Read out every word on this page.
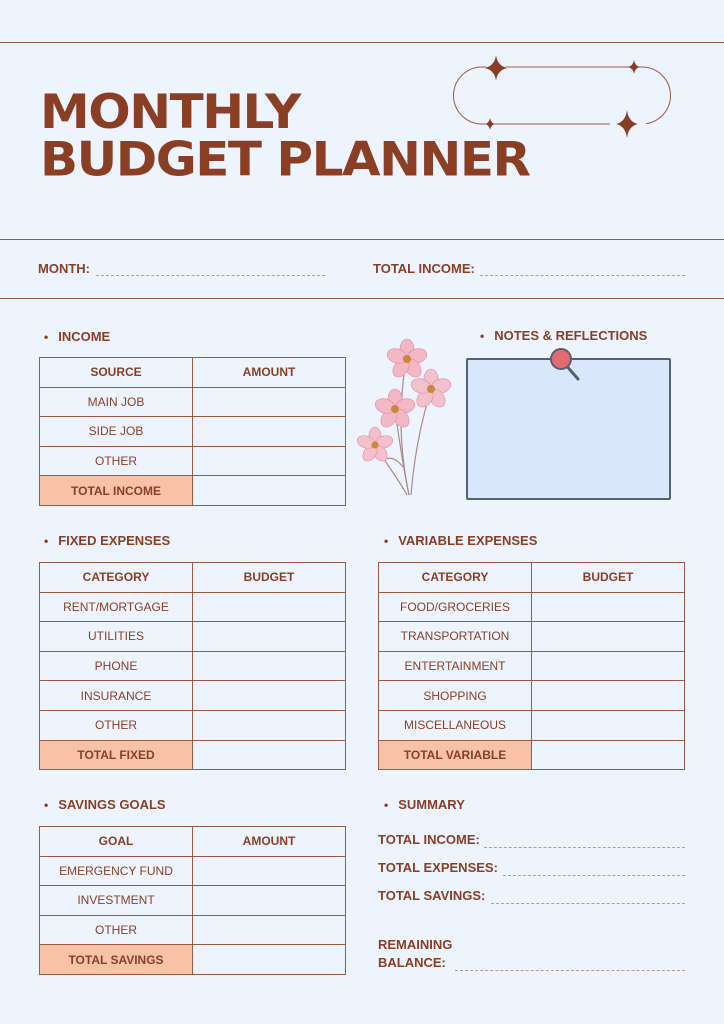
MONTHLY
BUDGET PLANNER
MONTH:	TOTAL INCOME:
• INCOME
SOURCE	AMOUNT
MAIN JOB	
SIDE JOB	
OTHER	
TOTAL INCOME	
• NOTES & REFLECTIONS
• FIXED EXPENSES
CATEGORY	BUDGET
RENT/MORTGAGE	
UTILITIES	
PHONE	
INSURANCE	
OTHER	
TOTAL FIXED	
• VARIABLE EXPENSES
CATEGORY	BUDGET
FOOD/GROCERIES	
TRANSPORTATION	
ENTERTAINMENT	
SHOPPING	
MISCELLANEOUS	
TOTAL VARIABLE	
• SAVINGS GOALS
GOAL	AMOUNT
EMERGENCY FUND	
INVESTMENT	
OTHER	
TOTAL SAVINGS	
• SUMMARY
TOTAL INCOME:
TOTAL EXPENSES:
TOTAL SAVINGS:
REMAINING
BALANCE:
